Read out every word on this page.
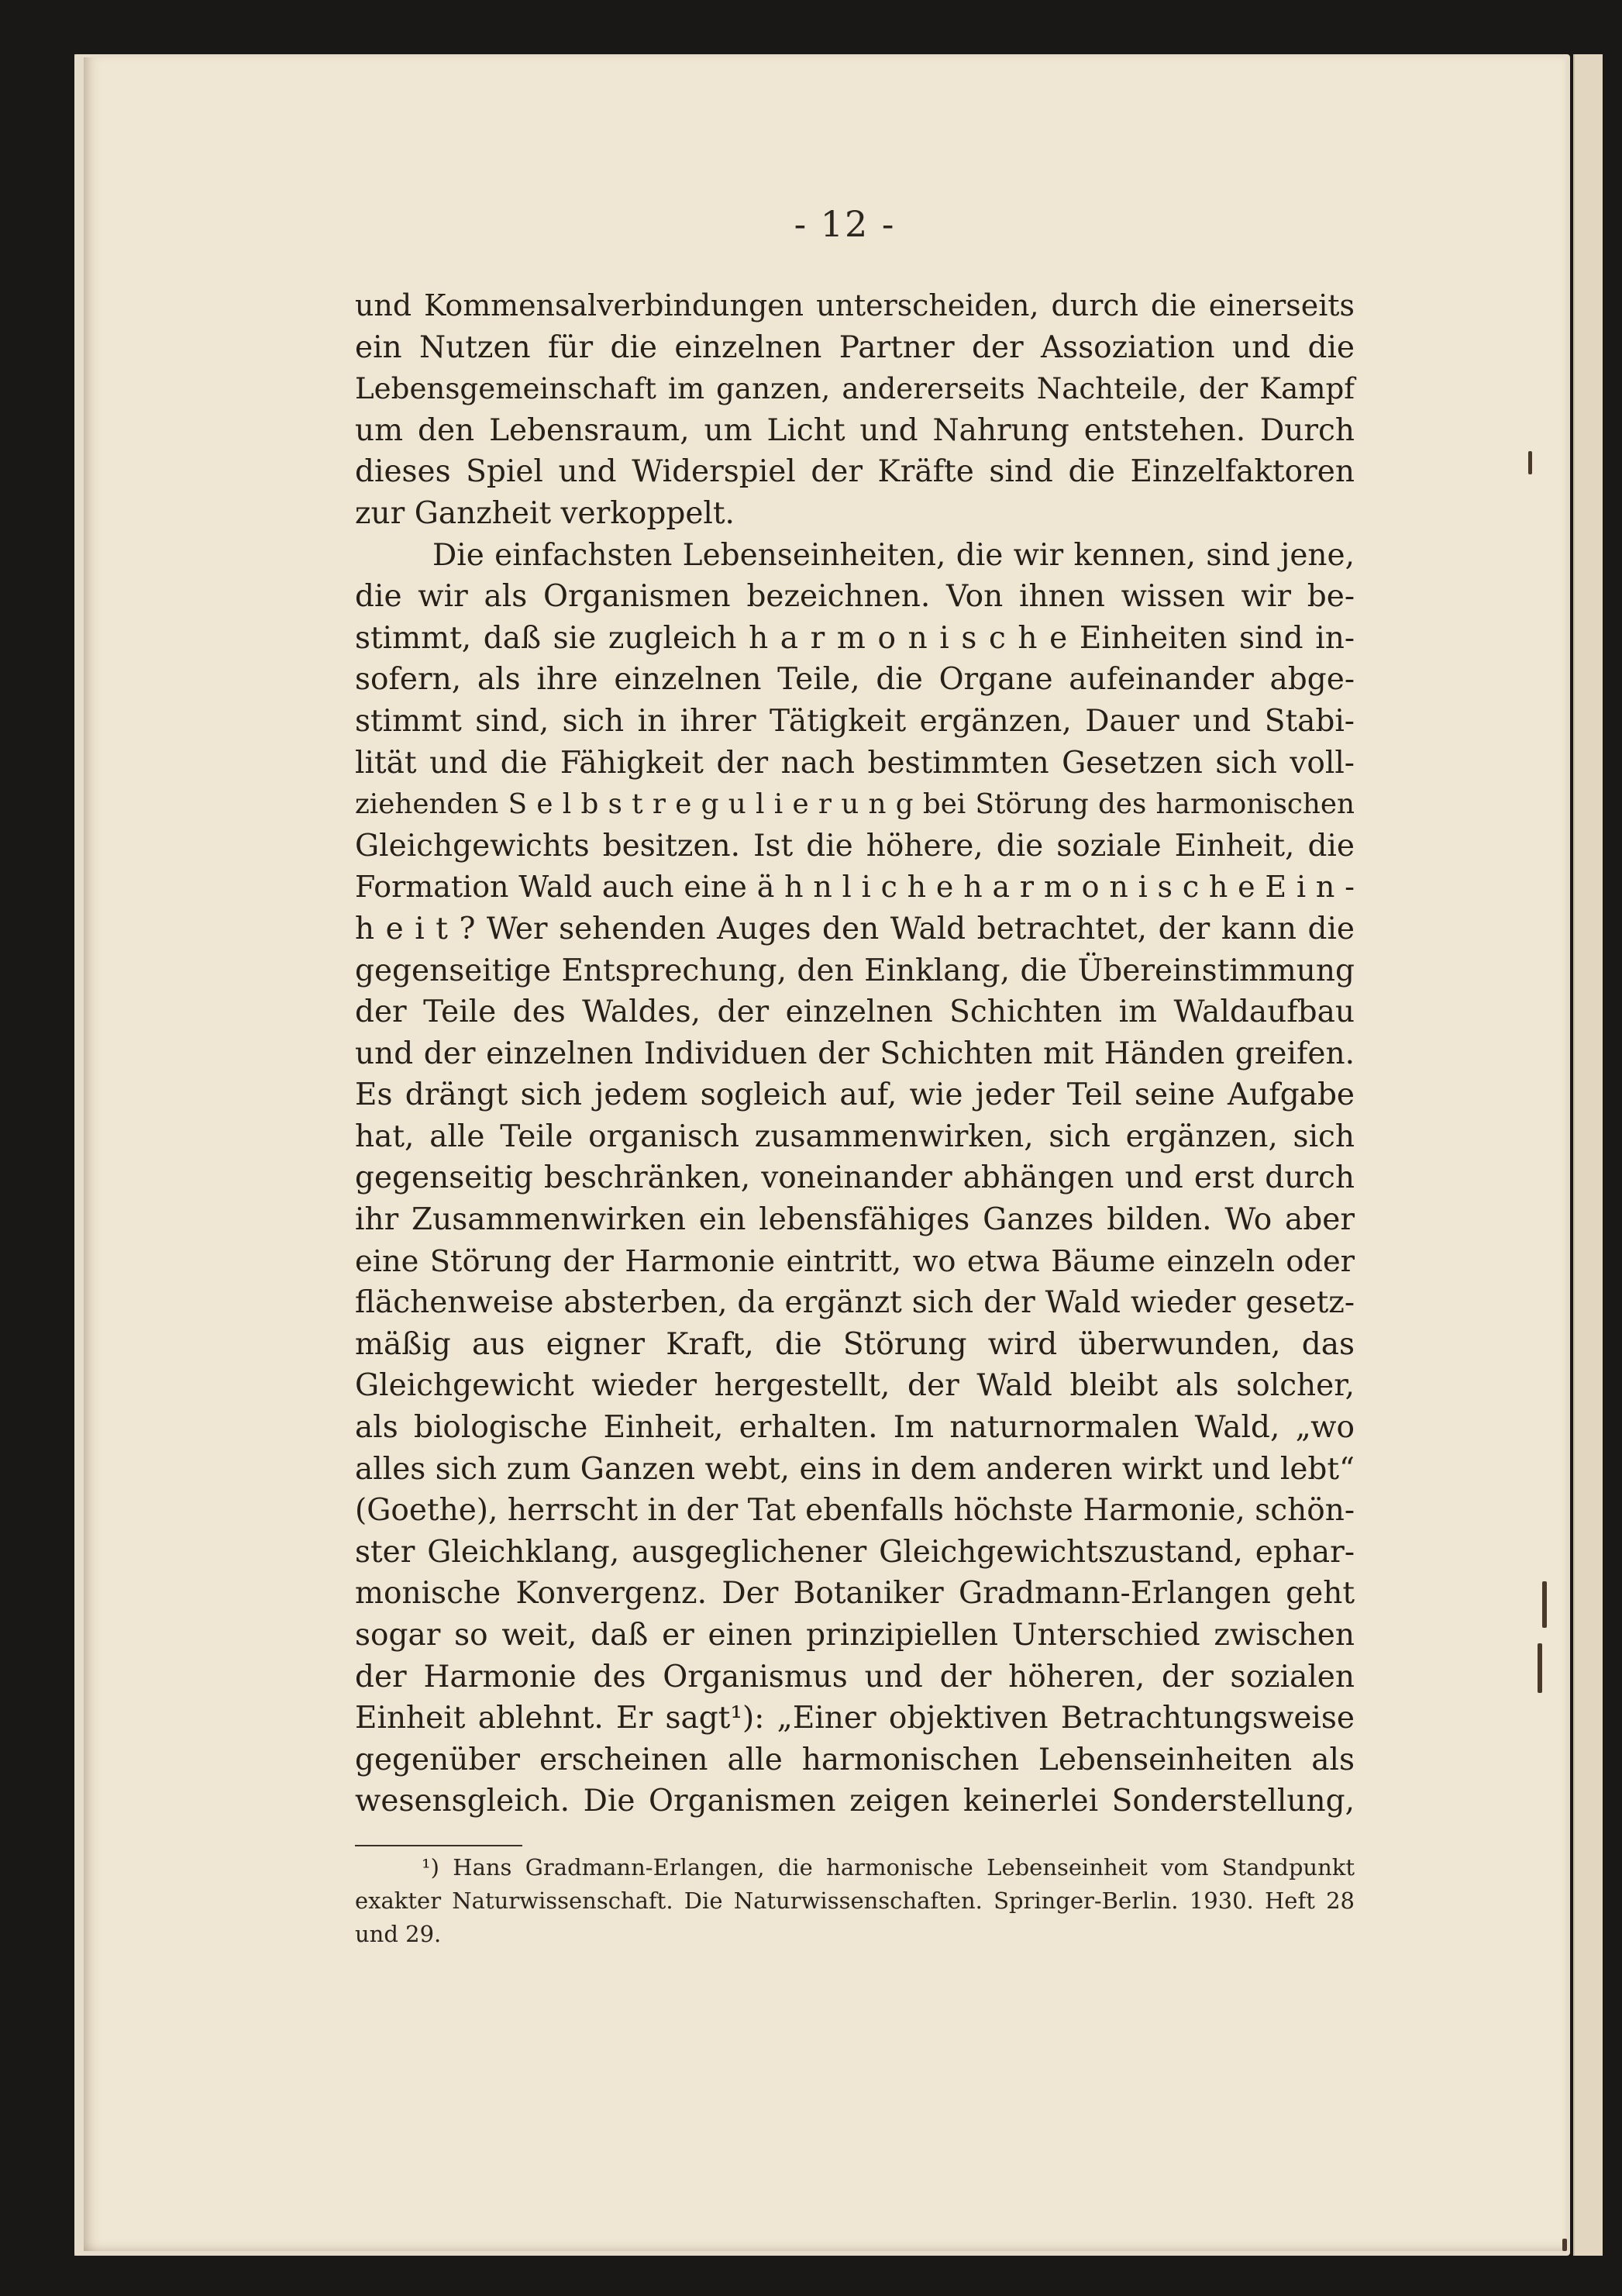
- 12 -
und Kommensalverbindungen unterscheiden, durch die einerseits
ein Nutzen für die einzelnen Partner der Assoziation und die
Lebensgemeinschaft im ganzen, andererseits Nachteile, der Kampf
um den Lebensraum, um Licht und Nahrung entstehen. Durch
dieses Spiel und Widerspiel der Kräfte sind die Einzelfaktoren
zur Ganzheit verkoppelt.
Die einfachsten Lebenseinheiten, die wir kennen, sind jene,
die wir als Organismen bezeichnen. Von ihnen wissen wir be-
stimmt, daß sie zugleich h a r m o n i s c h e Einheiten sind in-
sofern, als ihre einzelnen Teile, die Organe aufeinander abge-
stimmt sind, sich in ihrer Tätigkeit ergänzen, Dauer und Stabi-
lität und die Fähigkeit der nach bestimmten Gesetzen sich voll-
ziehenden S e l b s t r e g u l i e r u n g bei Störung des harmonischen
Gleichgewichts besitzen. Ist die höhere, die soziale Einheit, die
Formation Wald auch eine ä h n l i c h e h a r m o n i s c h e E i n -
h e i t ? Wer sehenden Auges den Wald betrachtet, der kann die
gegenseitige Entsprechung, den Einklang, die Übereinstimmung
der Teile des Waldes, der einzelnen Schichten im Waldaufbau
und der einzelnen Individuen der Schichten mit Händen greifen.
Es drängt sich jedem sogleich auf, wie jeder Teil seine Aufgabe
hat, alle Teile organisch zusammenwirken, sich ergänzen, sich
gegenseitig beschränken, voneinander abhängen und erst durch
ihr Zusammenwirken ein lebensfähiges Ganzes bilden. Wo aber
eine Störung der Harmonie eintritt, wo etwa Bäume einzeln oder
flächenweise absterben, da ergänzt sich der Wald wieder gesetz-
mäßig aus eigner Kraft, die Störung wird überwunden, das
Gleichgewicht wieder hergestellt, der Wald bleibt als solcher,
als biologische Einheit, erhalten. Im naturnormalen Wald, „wo
alles sich zum Ganzen webt, eins in dem anderen wirkt und lebt“
(Goethe), herrscht in der Tat ebenfalls höchste Harmonie, schön-
ster Gleichklang, ausgeglichener Gleichgewichtszustand, ephar-
monische Konvergenz. Der Botaniker Gradmann-Erlangen geht
sogar so weit, daß er einen prinzipiellen Unterschied zwischen
der Harmonie des Organismus und der höheren, der sozialen
Einheit ablehnt. Er sagt¹): „Einer objektiven Betrachtungsweise
gegenüber erscheinen alle harmonischen Lebenseinheiten als
wesensgleich. Die Organismen zeigen keinerlei Sonderstellung,
¹) Hans Gradmann-Erlangen, die harmonische Lebenseinheit vom Standpunkt
exakter Naturwissenschaft. Die Naturwissenschaften. Springer-Berlin. 1930. Heft 28
und 29.
